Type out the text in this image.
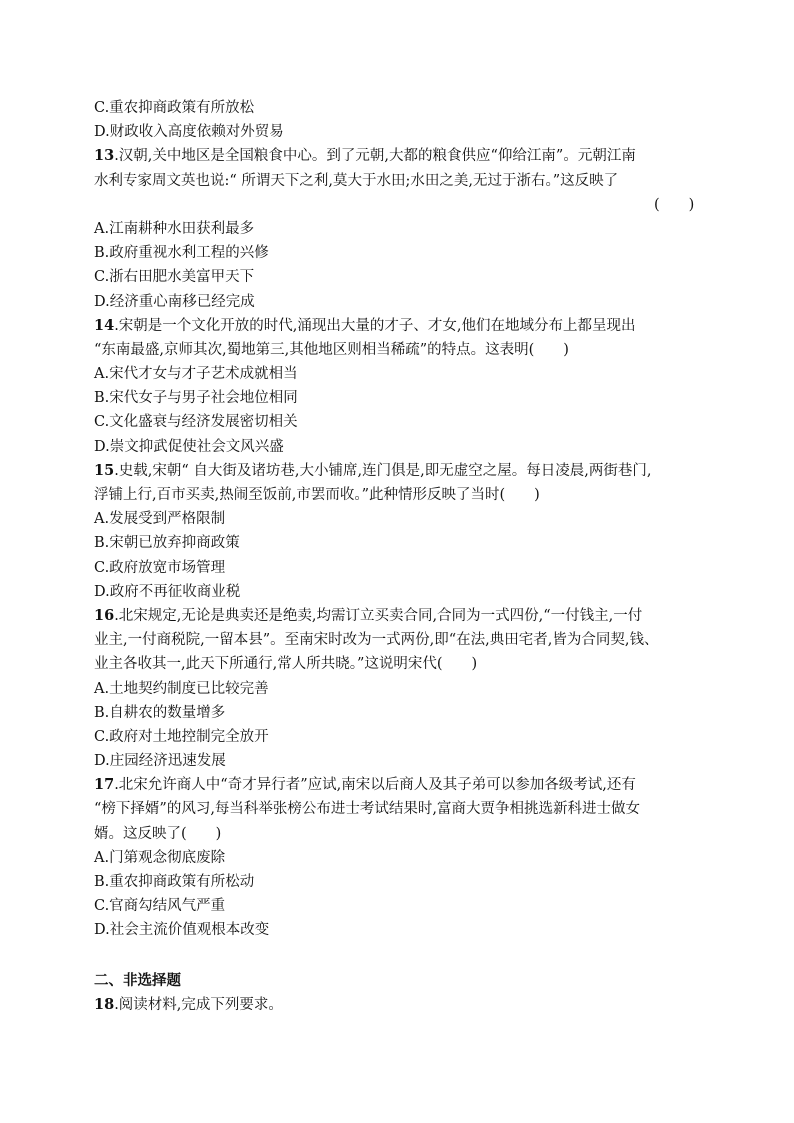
C.重农抑商政策有所放松
D.财政收入高度依赖对外贸易
13.汉朝,关中地区是全国粮食中心。到了元朝,大都的粮食供应“仰给江南”。元朝江南
水利专家周文英也说:“ 所谓天下之利,莫大于水田;水田之美,无过于浙右。”这反映了
(　　)
A.江南耕种水田获利最多
B.政府重视水利工程的兴修
C.浙右田肥水美富甲天下
D.经济重心南移已经完成
14.宋朝是一个文化开放的时代,涌现出大量的才子、才女,他们在地域分布上都呈现出
“东南最盛,京师其次,蜀地第三,其他地区则相当稀疏”的特点。这表明(　　)
A.宋代才女与才子艺术成就相当
B.宋代女子与男子社会地位相同
C.文化盛衰与经济发展密切相关
D.崇文抑武促使社会文风兴盛
15.史载,宋朝“ 自大街及诸坊巷,大小铺席,连门俱是,即无虚空之屋。每日凌晨,两街巷门,
浮铺上行,百市买卖,热闹至饭前,市罢而收。”此种情形反映了当时(　　)
A.发展受到严格限制
B.宋朝已放弃抑商政策
C.政府放宽市场管理
D.政府不再征收商业税
16.北宋规定,无论是典卖还是绝卖,均需订立买卖合同,合同为一式四份,“一付钱主,一付
业主,一付商税院,一留本县”。至南宋时改为一式两份,即“在法,典田宅者,皆为合同契,钱、
业主各收其一,此天下所通行,常人所共晓。”这说明宋代(　　)
A.土地契约制度已比较完善
B.自耕农的数量增多
C.政府对土地控制完全放开
D.庄园经济迅速发展
17.北宋允许商人中“奇才异行者”应试,南宋以后商人及其子弟可以参加各级考试,还有
“榜下择婿”的风习,每当科举张榜公布进士考试结果时,富商大贾争相挑选新科进士做女
婿。这反映了(　　)
A.门第观念彻底废除
B.重农抑商政策有所松动
C.官商勾结风气严重
D.社会主流价值观根本改变
二、非选择题
18.阅读材料,完成下列要求。
